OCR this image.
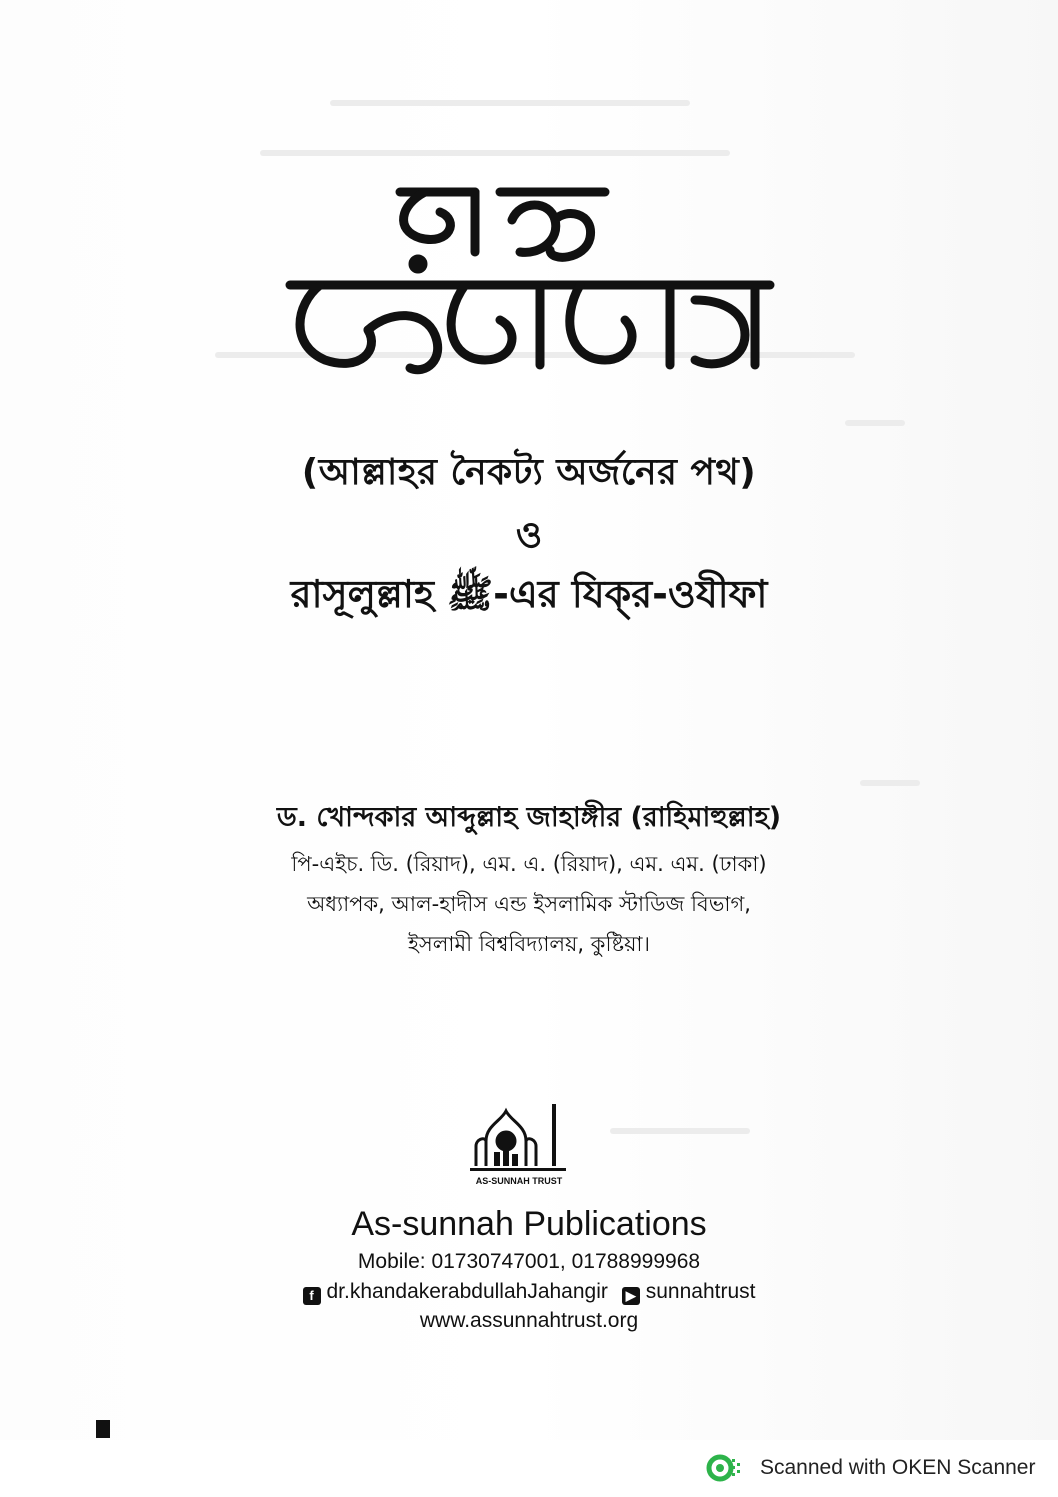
(আল্লাহর নৈকট্য অর্জনের পথ)
ও
রাসূলুল্লাহ ﷺ-এর যিক্‌র-ওযীফা
ড. খোন্দকার আব্দুল্লাহ জাহাঙ্গীর (রাহিমাহুল্লাহ)
পি-এইচ. ডি. (রিয়াদ), এম. এ. (রিয়াদ), এম. এম. (ঢাকা)
অধ্যাপক, আল-হাদীস এন্ড ইসলামিক স্টাডিজ বিভাগ,
ইসলামী বিশ্ববিদ্যালয়, কুষ্টিয়া।
AS-SUNNAH TRUST
As-sunnah Publications
Mobile: 01730747001, 01788999968
f dr.khandakerabdullahJahangir ▶ sunnahtrust
www.assunnahtrust.org
Scanned with OKEN Scanner
